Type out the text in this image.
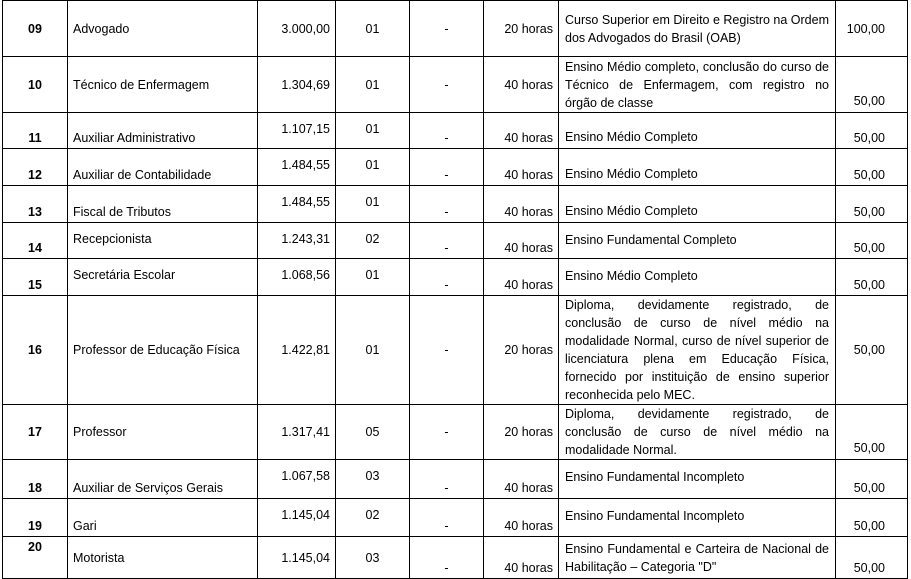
09	Advogado	3.000,00	01	-	20 horas	Curso Superior em Direito e Registro na Ordem dos Advogados do Brasil (OAB)	100,00
10	Técnico de Enfermagem	1.304,69	01	-	40 horas	Ensino Médio completo, conclusão do curso de Técnico de Enfermagem, com registro no órgão de classe	50,00
11	Auxiliar Administrativo	1.107,15	01	-	40 horas	Ensino Médio Completo	50,00
12	Auxiliar de Contabilidade	1.484,55	01	-	40 horas	Ensino Médio Completo	50,00
13	Fiscal de Tributos	1.484,55	01	-	40 horas	Ensino Médio Completo	50,00
14	Recepcionista	1.243,31	02	-	40 horas	Ensino Fundamental Completo	50,00
15	Secretária Escolar	1.068,56	01	-	40 horas	Ensino Médio Completo	50,00
16	Professor de Educação Física	1.422,81	01	-	20 horas	Diploma, devidamente registrado, de conclusão de curso de nível médio na modalidade Normal, curso de nível superior de licenciatura plena em Educação Física, fornecido por instituição de ensino superior reconhecida pelo MEC.	50,00
17	Professor	1.317,41	05	-	20 horas	Diploma, devidamente registrado, de conclusão de curso de nível médio na modalidade Normal.	50,00
18	Auxiliar de Serviços Gerais	1.067,58	03	-	40 horas	Ensino Fundamental Incompleto	50,00
19	Gari	1.145,04	02	-	40 horas	Ensino Fundamental Incompleto	50,00
20	Motorista	1.145,04	03	-	40 horas	Ensino Fundamental e Carteira de Nacional de Habilitação – Categoria "D"	50,00
